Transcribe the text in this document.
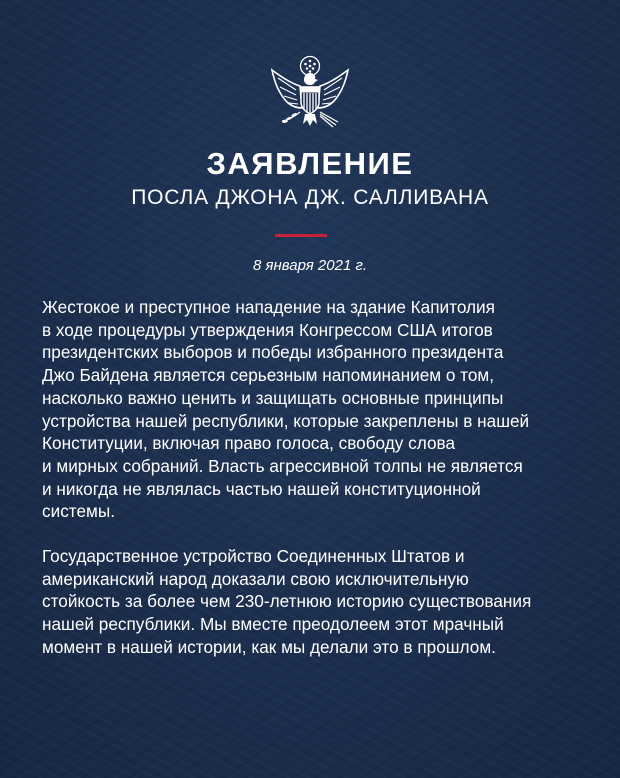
ЗАЯВЛЕНИЕ
ПОСЛА ДЖОНА ДЖ. САЛЛИВАНА
8 января 2021 г.

Жестокое и преступное нападение на здание Капитолия
в ходе процедуры утверждения Конгрессом США итогов
президентских выборов и победы избранного президента
Джо Байдена является серьезным напоминанием о том,
насколько важно ценить и защищать основные принципы
устройства нашей республики, которые закреплены в нашей
Конституции, включая право голоса, свободу слова
и мирных собраний. Власть агрессивной толпы не является
и никогда не являлась частью нашей конституционной
системы.

Государственное устройство Соединенных Штатов и
американский народ доказали свою исключительную
стойкость за более чем 230-летнюю историю существования
нашей республики. Мы вместе преодолеем этот мрачный
момент в нашей истории, как мы делали это в прошлом.
